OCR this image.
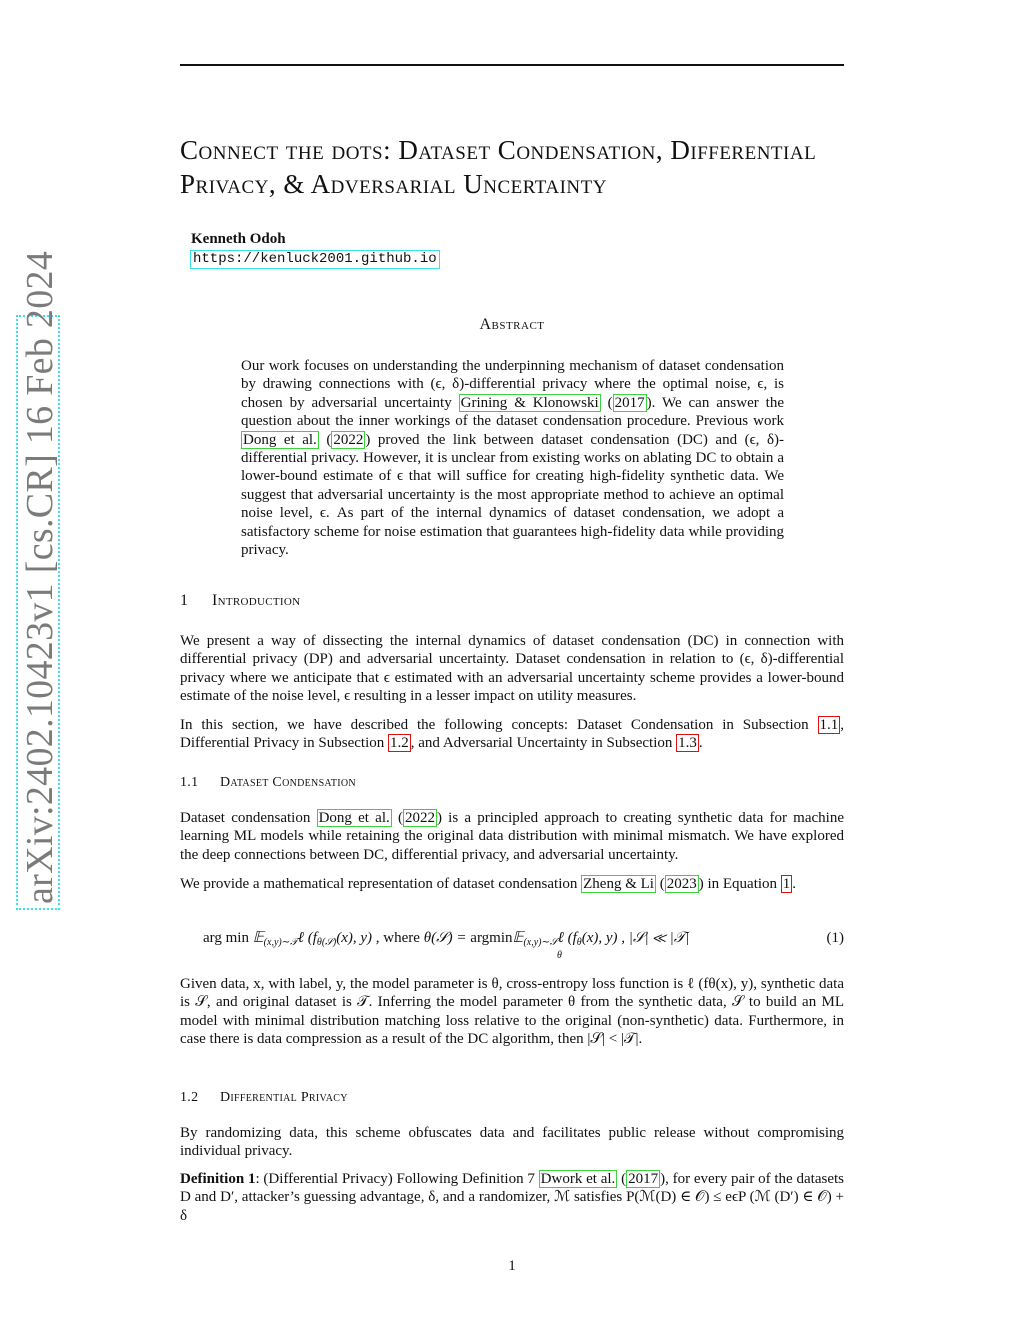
Connect the dots: Dataset Condensation, Differential Privacy, & Adversarial Uncertainty
Kenneth Odoh
https://kenluck2001.github.io
arXiv:2402.10423v1 [cs.CR] 16 Feb 2024	Abstract
Our work focuses on understanding the underpinning mechanism of dataset condensation by drawing connections with (ϵ, δ)-differential privacy where the optimal noise, ϵ, is chosen by adversarial uncertainty Grining & Klonowski ( 2017 ). We can answer the question about the inner workings of the dataset condensation procedure. Previous work Dong et al. ( 2022 ) proved the link between dataset condensation (DC) and (ϵ, δ)-differential privacy. However, it is unclear from existing works on ablating DC to obtain a lower-bound estimate of ϵ that will suffice for creating high-fidelity synthetic data. We suggest that adversarial uncertainty is the most appropriate method to achieve an optimal noise level, ϵ. As part of the internal dynamics of dataset condensation, we adopt a satisfactory scheme for noise estimation that guarantees high-fidelity data while providing privacy.
1 Introduction
We present a way of dissecting the internal dynamics of dataset condensation (DC) in connection with differential privacy (DP) and adversarial uncertainty. Dataset condensation in relation to (ϵ, δ)-differential privacy where we anticipate that ϵ estimated with an adversarial uncertainty scheme provides a lower-bound estimate of the noise level, ϵ resulting in a lesser impact on utility measures.
In this section, we have described the following concepts: Dataset Condensation in Subsection 1.1 , Differential Privacy in Subsection 1.2 , and Adversarial Uncertainty in Subsection 1.3 .
1.1 Dataset Condensation
Dataset condensation Dong et al. ( 2022 ) is a principled approach to creating synthetic data for machine learning ML models while retaining the original data distribution with minimal mismatch. We have explored the deep connections between DC, differential privacy, and adversarial uncertainty.
We provide a mathematical representation of dataset condensation Zheng & Li ( 2023 ) in Equation 1 .
arg min 𝔼$_{(x,y)\sim 𝒯}$ℓ ($f_{\theta(𝒮)}(x)$, y) , where θ(𝒮) = argmin𝔼$_{(x,y)\sim 𝒮}$ℓ ($f_\theta(x)$, y) , |𝒮| ≪ |𝒯|
θ
(1)
Given data, x, with label, y, the model parameter is θ, cross-entropy loss function is ℓ (fθ(x), y), synthetic data is 𝒮, and original dataset is 𝒯. Inferring the model parameter θ from the synthetic data, 𝒮 to build an ML model with minimal distribution matching loss relative to the original (non-synthetic) data. Furthermore, in case there is data compression as a result of the DC algorithm, then |𝒮| < |𝒯|.
1.2 Differential Privacy
By randomizing data, this scheme obfuscates data and facilitates public release without compromising individual privacy.
Definition 1: (Differential Privacy) Following Definition 7 Dwork et al. ( 2017 ), for every pair of the datasets D and D′, attacker’s guessing advantage, δ, and a randomizer, ℳ satisfies P(ℳ(D) ∈ 𝒪) ≤ eϵP (ℳ (D′) ∈ 𝒪) + δ
1
